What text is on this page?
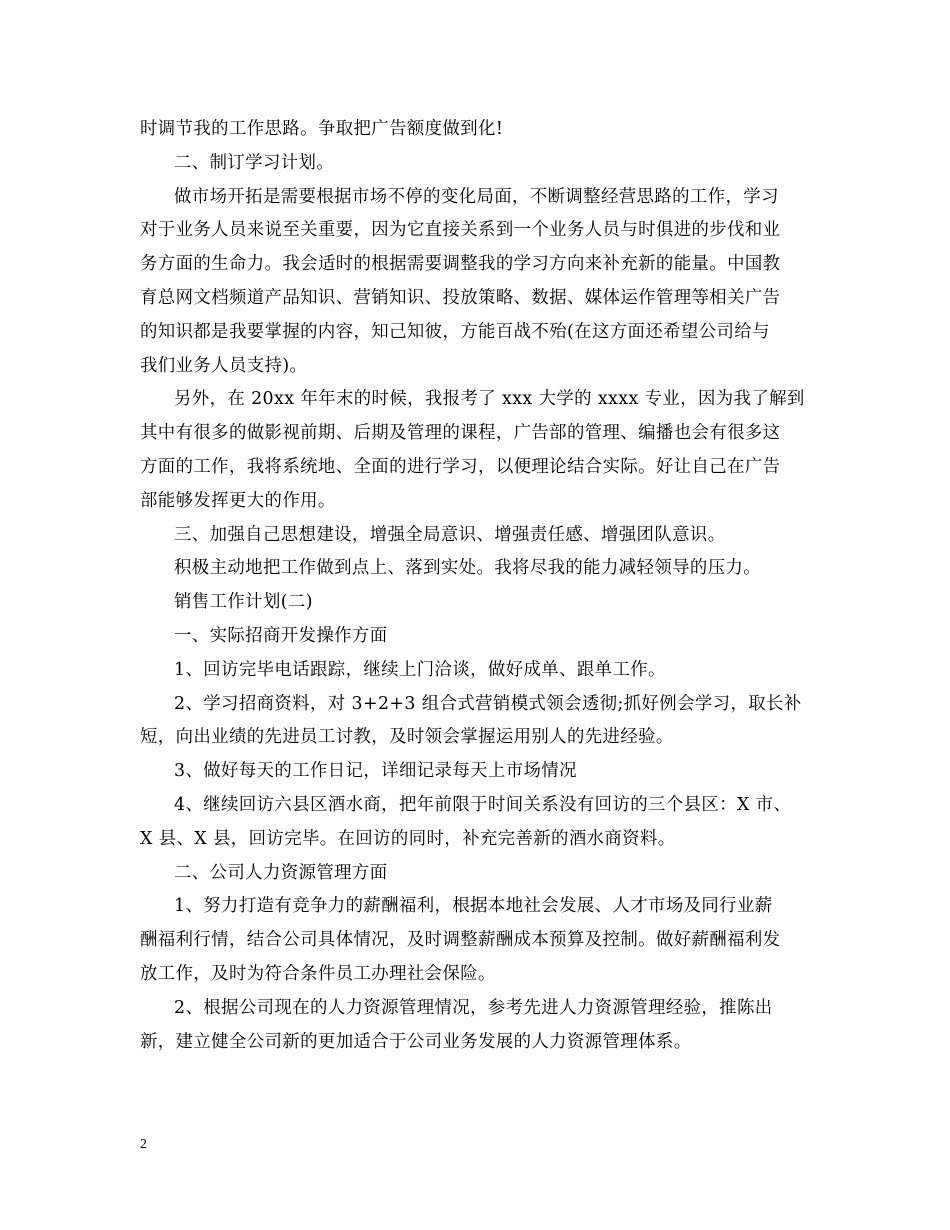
时调节我的工作思路。争取把广告额度做到化!
二、制订学习计划。
做市场开拓是需要根据市场不停的变化局面，不断调整经营思路的工作，学习
对于业务人员来说至关重要，因为它直接关系到一个业务人员与时俱进的步伐和业
务方面的生命力。我会适时的根据需要调整我的学习方向来补充新的能量。中国教
育总网文档频道产品知识、营销知识、投放策略、数据、媒体运作管理等相关广告
的知识都是我要掌握的内容，知己知彼，方能百战不殆(在这方面还希望公司给与
我们业务人员支持)。
另外，在 20xx 年年末的时候，我报考了 xxx 大学的 xxxx 专业，因为我了解到
其中有很多的做影视前期、后期及管理的课程，广告部的管理、编播也会有很多这
方面的工作，我将系统地、全面的进行学习，以便理论结合实际。好让自己在广告
部能够发挥更大的作用。
三、加强自己思想建设，增强全局意识、增强责任感、增强团队意识。
积极主动地把工作做到点上、落到实处。我将尽我的能力减轻领导的压力。
销售工作计划(二)
一、实际招商开发操作方面
1、回访完毕电话跟踪，继续上门洽谈，做好成单、跟单工作。
2、学习招商资料，对 3+2+3 组合式营销模式领会透彻;抓好例会学习，取长补
短，向出业绩的先进员工讨教，及时领会掌握运用别人的先进经验。
3、做好每天的工作日记，详细记录每天上市场情况
4、继续回访六县区酒水商，把年前限于时间关系没有回访的三个县区：X 市、
X 县、X 县，回访完毕。在回访的同时，补充完善新的酒水商资料。
二、公司人力资源管理方面
1、努力打造有竞争力的薪酬福利，根据本地社会发展、人才市场及同行业薪
酬福利行情，结合公司具体情况，及时调整薪酬成本预算及控制。做好薪酬福利发
放工作，及时为符合条件员工办理社会保险。
2、根据公司现在的人力资源管理情况，参考先进人力资源管理经验，推陈出
新，建立健全公司新的更加适合于公司业务发展的人力资源管理体系。
2
